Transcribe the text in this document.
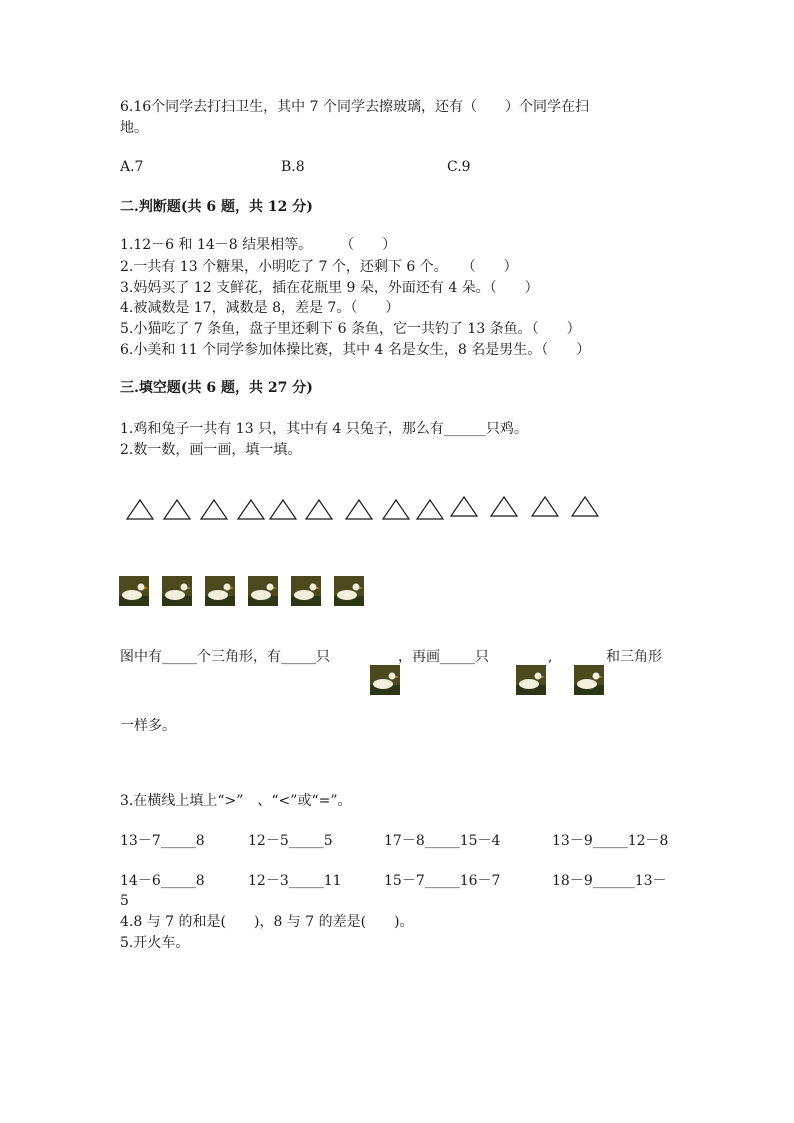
6.16个同学去打扫卫生，其中 7 个同学去擦玻璃，还有（　　）个同学在扫
地。
A.7	B.8	C.9
二.判断题(共 6 题，共 12 分)
1.12－6 和 14－8 结果相等。　　　（　　）
2.一共有 13 个糖果，小明吃了 7 个，还剩下 6 个。　　（　　）
3.妈妈买了 12 支鲜花，插在花瓶里 9 朵，外面还有 4 朵。（　　）
4.被减数是 17，减数是 8，差是 7。（　　）
5.小猫吃了 7 条鱼，盘子里还剩下 6 条鱼，它一共钓了 13 条鱼。（　　）
6.小美和 11 个同学参加体操比赛，其中 4 名是女生，8 名是男生。（　　）
三.填空题(共 6 题，共 27 分)
1.鸡和兔子一共有 13 只，其中有 4 只兔子，那么有______只鸡。
2.数一数，画一画，填一填。
图中有_____个三角形，有_____只	，再画_____只	,	和三角形
一样多。
3.在横线上填上“>”　、“<”或“=”。
13－7_____8	12－5_____5	17－8_____15－4	13－9_____12－8
14－6_____8	12－3_____11	15－7_____16－7	18－9______13－
5
4.8 与 7 的和是(　　)，8 与 7 的差是(　　)。
5.开火车。
